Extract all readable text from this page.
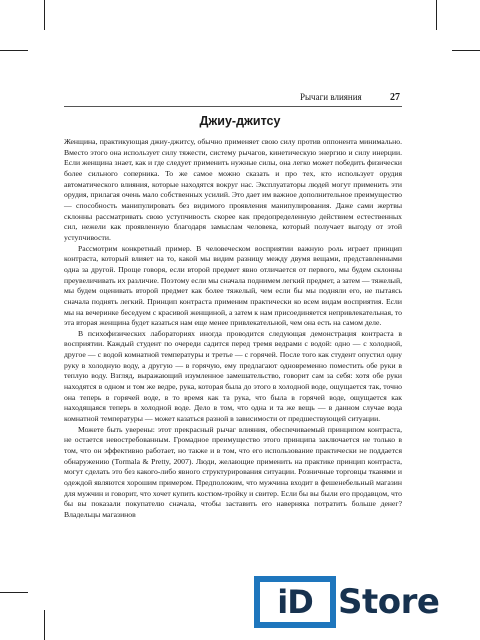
Рычаги влияния	27
Джиу-джитсу

Женщина, практикующая джиу-джитсу, обычно применяет свою силу против оппонента минимально. Вместо этого она использует силу тяжести, систему рычагов, кинетическую энергию и силу инерции. Если женщина знает, как и где следует применить нужные силы, она легко может победить физически более сильного соперника. То же самое можно сказать и про тех, кто использует орудия автоматического влияния, которые находятся вокруг нас. Эксплуататоры людей могут применить эти орудия, прилагая очень мало собственных усилий. Это дает им важное дополнительное преимущество — способность манипулировать без видимого проявления манипулирования. Даже сами жертвы склонны рассматривать свою уступчивость скорее как предопределенную действием естественных сил, нежели как проявленную благодаря замыслам человека, который получает выгоду от этой уступчивости.

Рассмотрим конкретный пример. В человеческом восприятии важную роль играет принцип контраста, который влияет на то, какой мы видим разницу между двумя вещами, представленными одна за другой. Проще говоря, если второй предмет явно отличается от первого, мы будем склонны преувеличивать их различие. Поэтому если мы сначала поднимем легкий предмет, а затем — тяжелый, мы будем оценивать второй предмет как более тяжелый, чем если бы мы подняли его, не пытаясь сначала поднять легкий. Принцип контраста применим практически ко всем видам восприятия. Если мы на вечеринке беседуем с красивой женщиной, а затем к нам присоединяется непривлекательная, то эта вторая женщина будет казаться нам еще менее привлекательной, чем она есть на самом деле.

В психофизических лабораториях иногда проводится следующая демонстрация контраста в восприятии. Каждый студент по очереди садится перед тремя ведрами с водой: одно — с холодной, другое — с водой комнатной температуры и третье — с горячей. После того как студент опустил одну руку в холодную воду, а другую — в горячую, ему предлагают одновременно поместить обе руки в теплую воду. Взгляд, выражающий изумленное замешательство, говорит сам за себя: хотя обе руки находятся в одном и том же ведре, рука, которая была до этого в холодной воде, ощущается так, точно она теперь в горячей воде, в то время как та рука, что была в горячей воде, ощущается как находящаяся теперь в холодной воде. Дело в том, что одна и та же вещь — в данном случае вода комнатной температуры — может казаться разной в зависимости от предшествующей ситуации.

Можете быть уверены: этот прекрасный рычаг влияния, обеспечиваемый принципом контраста, не остается невостребованным. Громадное преимущество этого принципа заключается не только в том, что он эффективно работает, но также и в том, что его использование практически не поддается обнаружению (Tormala & Pretty, 2007). Люди, желающие применить на практике принцип контраста, могут сделать это без какого-либо явного структурирования ситуации. Розничные торговцы тканями и одеждой являются хорошим примером. Предположим, что мужчина входит в фешенебельный магазин для мужчин и говорит, что хочет купить костюм-тройку и свитер. Если бы вы были его продавцом, что бы вы показали покупателю сначала, чтобы заставить его наверняка потратить больше денег? Владельцы магазинов

iD Store
